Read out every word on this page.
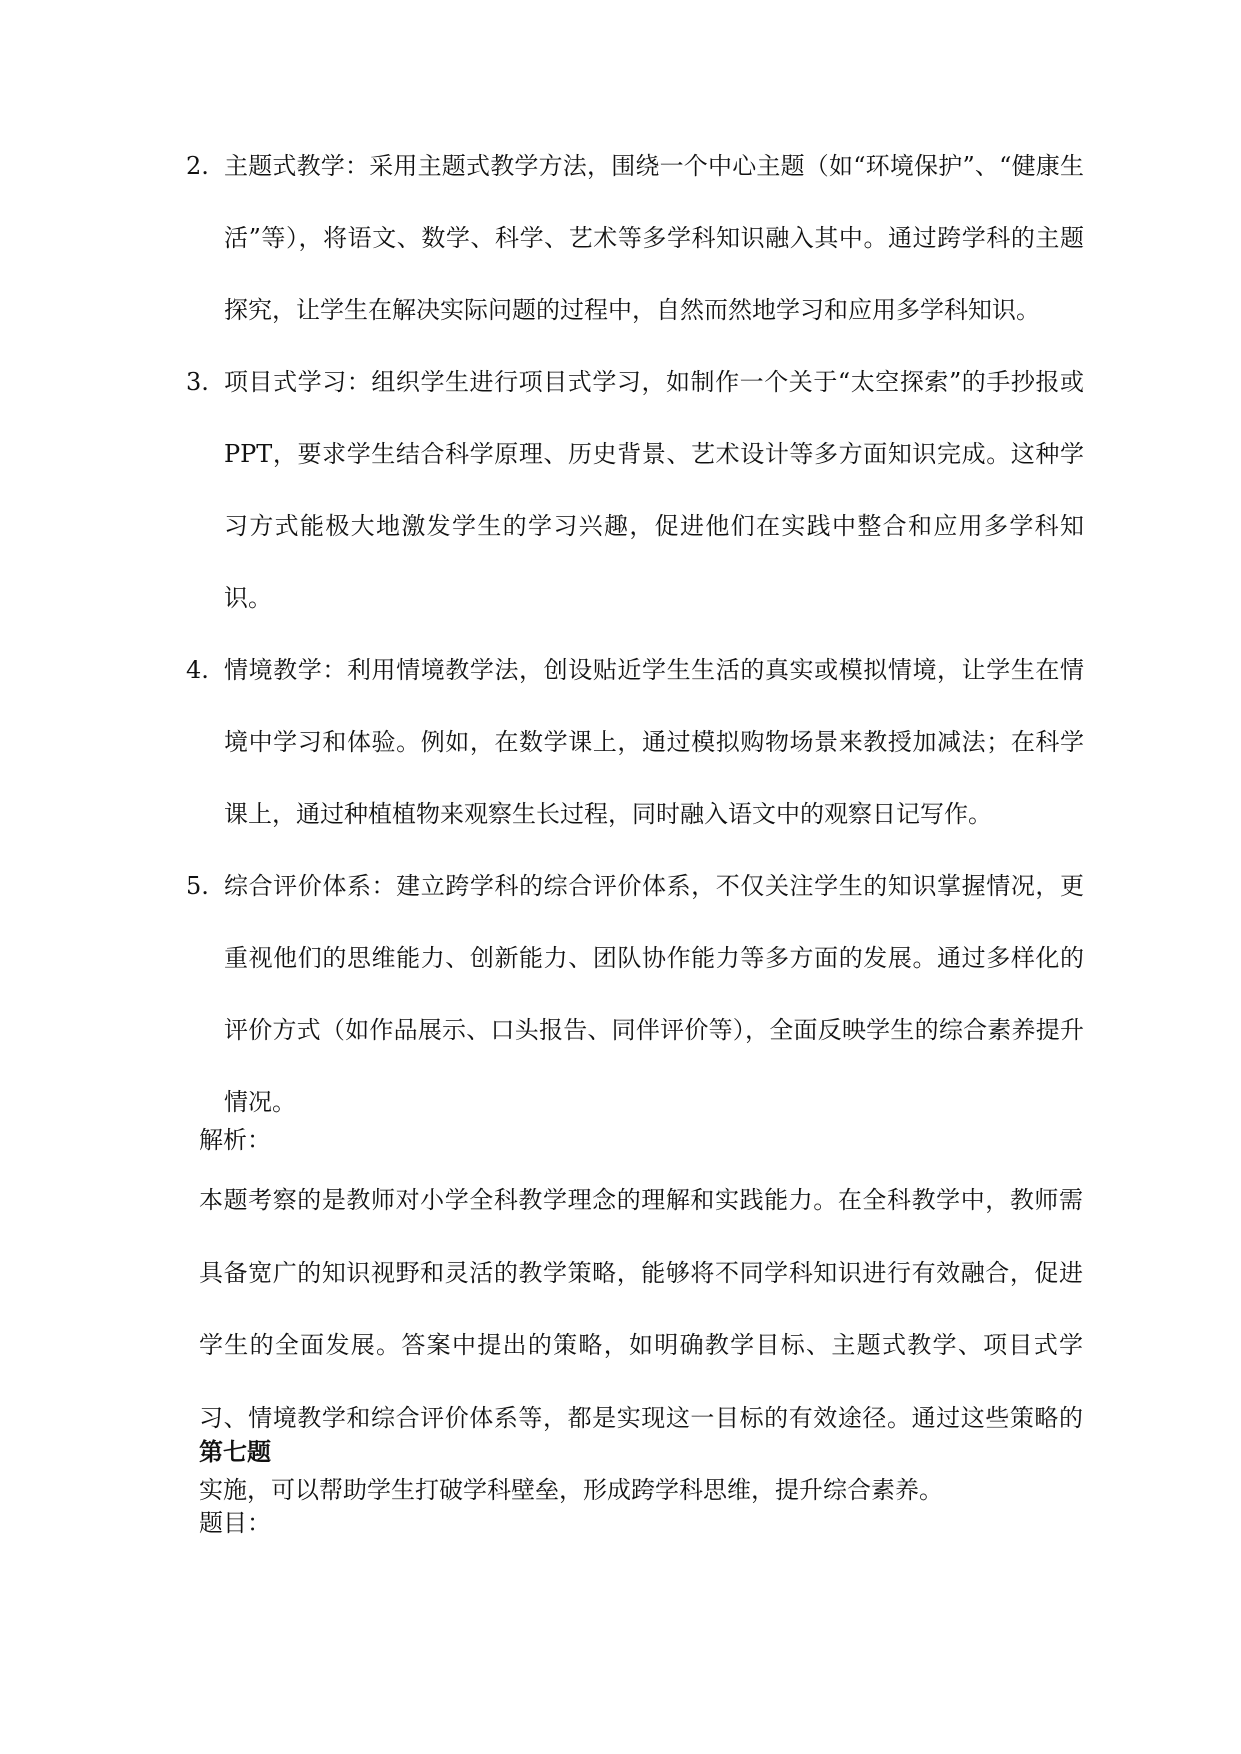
2. 主题式教学：采用主题式教学方法，围绕一个中心主题（如“环境保护”、“健康生活”等），将语文、数学、科学、艺术等多学科知识融入其中。通过跨学科的主题探究，让学生在解决实际问题的过程中，自然而然地学习和应用多学科知识。
3. 项目式学习：组织学生进行项目式学习，如制作一个关于“太空探索”的手抄报或 PPT，要求学生结合科学原理、历史背景、艺术设计等多方面知识完成。这种学习方式能极大地激发学生的学习兴趣，促进他们在实践中整合和应用多学科知识。
4. 情境教学：利用情境教学法，创设贴近学生生活的真实或模拟情境，让学生在情境中学习和体验。例如，在数学课上，通过模拟购物场景来教授加减法；在科学课上，通过种植植物来观察生长过程，同时融入语文中的观察日记写作。
5. 综合评价体系：建立跨学科的综合评价体系，不仅关注学生的知识掌握情况，更重视他们的思维能力、创新能力、团队协作能力等多方面的发展。通过多样化的评价方式（如作品展示、口头报告、同伴评价等），全面反映学生的综合素养提升情况。
解析：
本题考察的是教师对小学全科教学理念的理解和实践能力。在全科教学中，教师需具备宽广的知识视野和灵活的教学策略，能够将不同学科知识进行有效融合，促进学生的全面发展。答案中提出的策略，如明确教学目标、主题式教学、项目式学习、情境教学和综合评价体系等，都是实现这一目标的有效途径。通过这些策略的实施，可以帮助学生打破学科壁垒，形成跨学科思维，提升综合素养。
第七题
题目：
